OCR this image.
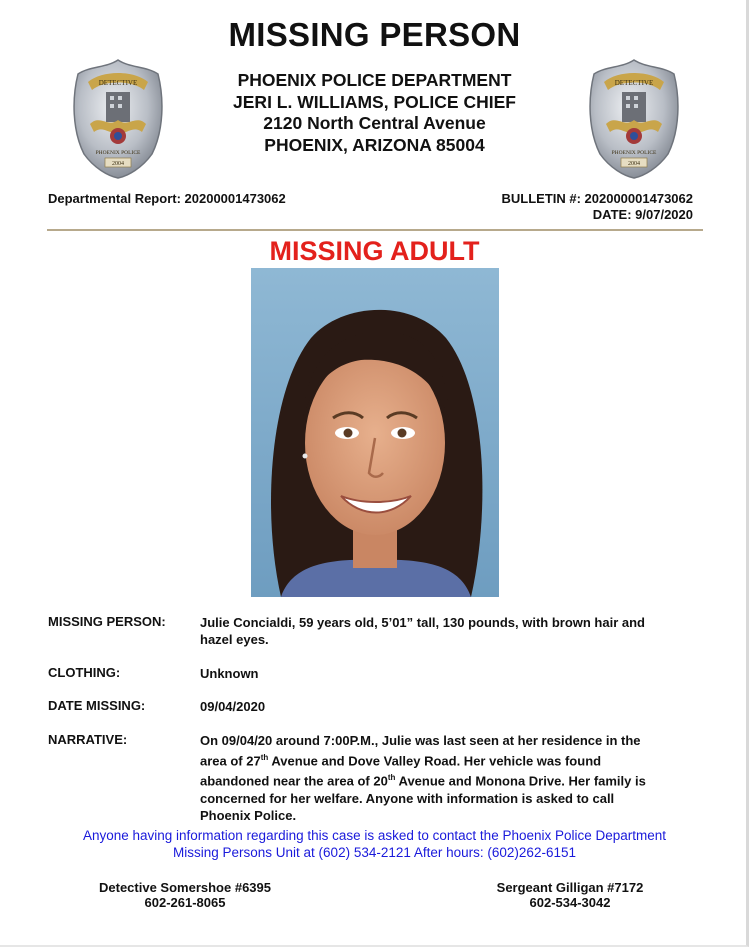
MISSING PERSON
PHOENIX POLICE DEPARTMENT
JERI L. WILLIAMS, POLICE CHIEF
2120 North Central Avenue
PHOENIX, ARIZONA 85004
DETECTIVE
PHOENIX POLICE
2004
DETECTIVE
PHOENIX POLICE
2004
Departmental Report: 20200001473062	BULLETIN #: 202000001473062
DATE: 9/07/2020
MISSING ADULT
MISSING PERSON:	Julie Concialdi, 59 years old, 5’01” tall, 130 pounds, with brown hair and
hazel eyes.
CLOTHING:	Unknown
DATE MISSING:	09/04/2020
NARRATIVE:	On 09/04/20 around 7:00P.M., Julie was last seen at her residence in the
area of 27th Avenue and Dove Valley Road. Her vehicle was found
abandoned near the area of 20th Avenue and Monona Drive. Her family is
concerned for her welfare. Anyone with information is asked to call
Phoenix Police.
Anyone having information regarding this case is asked to contact the Phoenix Police Department
Missing Persons Unit at (602) 534-2121 After hours: (602)262-6151
Detective Somershoe #6395
602-261-8065
Sergeant Gilligan #7172
602-534-3042
